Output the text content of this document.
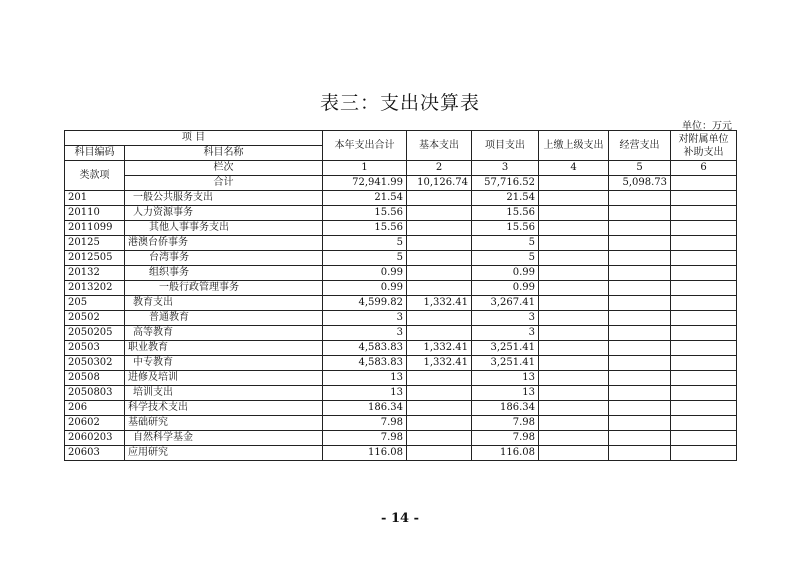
表三：支出决算表
单位：万元
项 目		本年支出合计	基本支出	项目支出	上缴上级支出	经营支出	对附属单位补助支出
科目编码	科目名称						
类款项	栏次	1	2	3	4	5	6
	合计	72,941.99	10,126.74	57,716.52		5,098.73	
201	一般公共服务支出	21.54		21.54			
20110	人力资源事务	15.56		15.56			
2011099	其他人事事务支出	15.56		15.56			
20125	港澳台侨事务	5		5			
2012505	台湾事务	5		5			
20132	组织事务	0.99		0.99			
2013202	一般行政管理事务	0.99		0.99			
205	教育支出	4,599.82	1,332.41	3,267.41			
20502	普通教育	3		3			
2050205	高等教育	3		3			
20503	职业教育	4,583.83	1,332.41	3,251.41			
2050302	中专教育	4,583.83	1,332.41	3,251.41			
20508	进修及培训	13		13			
2050803	培训支出	13		13			
206	科学技术支出	186.34		186.34			
20602	基础研究	7.98		7.98			
2060203	自然科学基金	7.98		7.98			
20603	应用研究	116.08		116.08			
- 14 -
